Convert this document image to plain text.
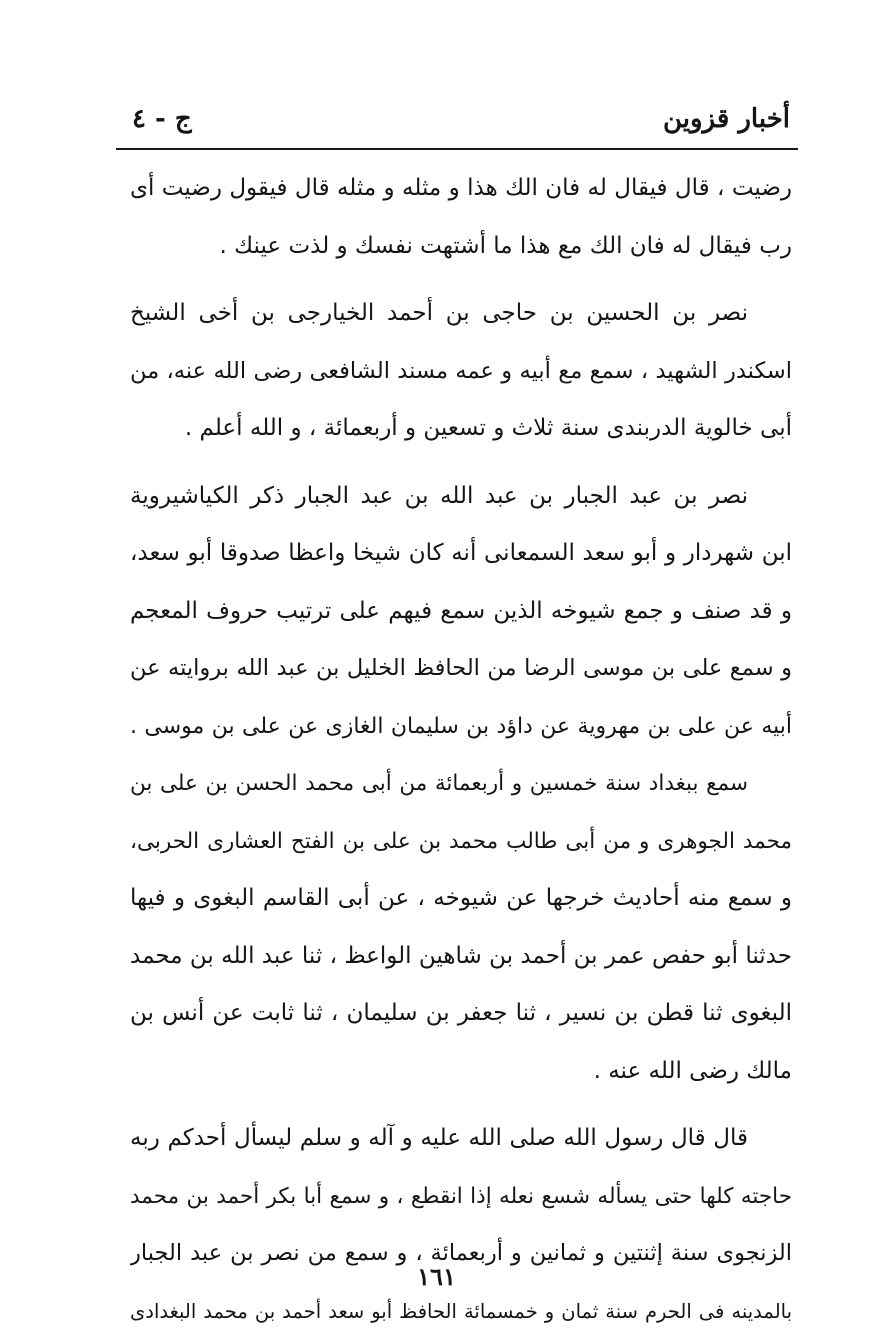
أخبار قزوين
ج - ٤
رضيت ، قال فيقال له فان الك هذا و مثله و مثله قال فيقول رضيت أى
رب فيقال له فان الك مع هذا ما أشتهت نفسك و لذت عينك .
نصر بن الحسين بن حاجى بن أحمد الخيارجى بن أخى الشيخ
اسكندر الشهيد ، سمع مع أبيه و عمه مسند الشافعى رضى الله عنه، من
أبى خالوية الدربندى سنة ثلاث و تسعين و أربعمائة ، و الله أعلم .
نصر بن عبد الجبار بن عبد الله بن عبد الجبار ذكر الكياشيروية
ابن شهردار و أبو سعد السمعانى أنه كان شيخا واعظا صدوقا أبو سعد،
و قد صنف و جمع شيوخه الذين سمع فيهم على ترتيب حروف المعجم
و سمع على بن موسى الرضا من الحافظ الخليل بن عبد الله بروايته عن
أبيه عن على بن مهروية عن داؤد بن سليمان الغازى عن على بن موسى .
سمع ببغداد سنة خمسين و أربعمائة من أبى محمد الحسن بن على بن
محمد الجوهرى و من أبى طالب محمد بن على بن الفتح العشارى الحربى،
و سمع منه أحاديث خرجها عن شيوخه ، عن أبى القاسم البغوى و فيها
حدثنا أبو حفص عمر بن أحمد بن شاهين الواعظ ، ثنا عبد الله بن محمد
البغوى ثنا قطن بن نسير ، ثنا جعفر بن سليمان ، ثنا ثابت عن أنس بن
مالك رضى الله عنه .
قال قال رسول الله صلى الله عليه و آله و سلم ليسأل أحدكم ربه
حاجته كلها حتى يسأله شسع نعله إذا انقطع ، و سمع أبا بكر أحمد بن محمد
الزنجوى سنة إثنتين و ثمانين و أربعمائة ، و سمع من نصر بن عبد الجبار
بالمدينه فى الحرم سنة ثمان و خمسمائة الحافظ أبو سعد أحمد بن محمد البغدادى
١٦١
